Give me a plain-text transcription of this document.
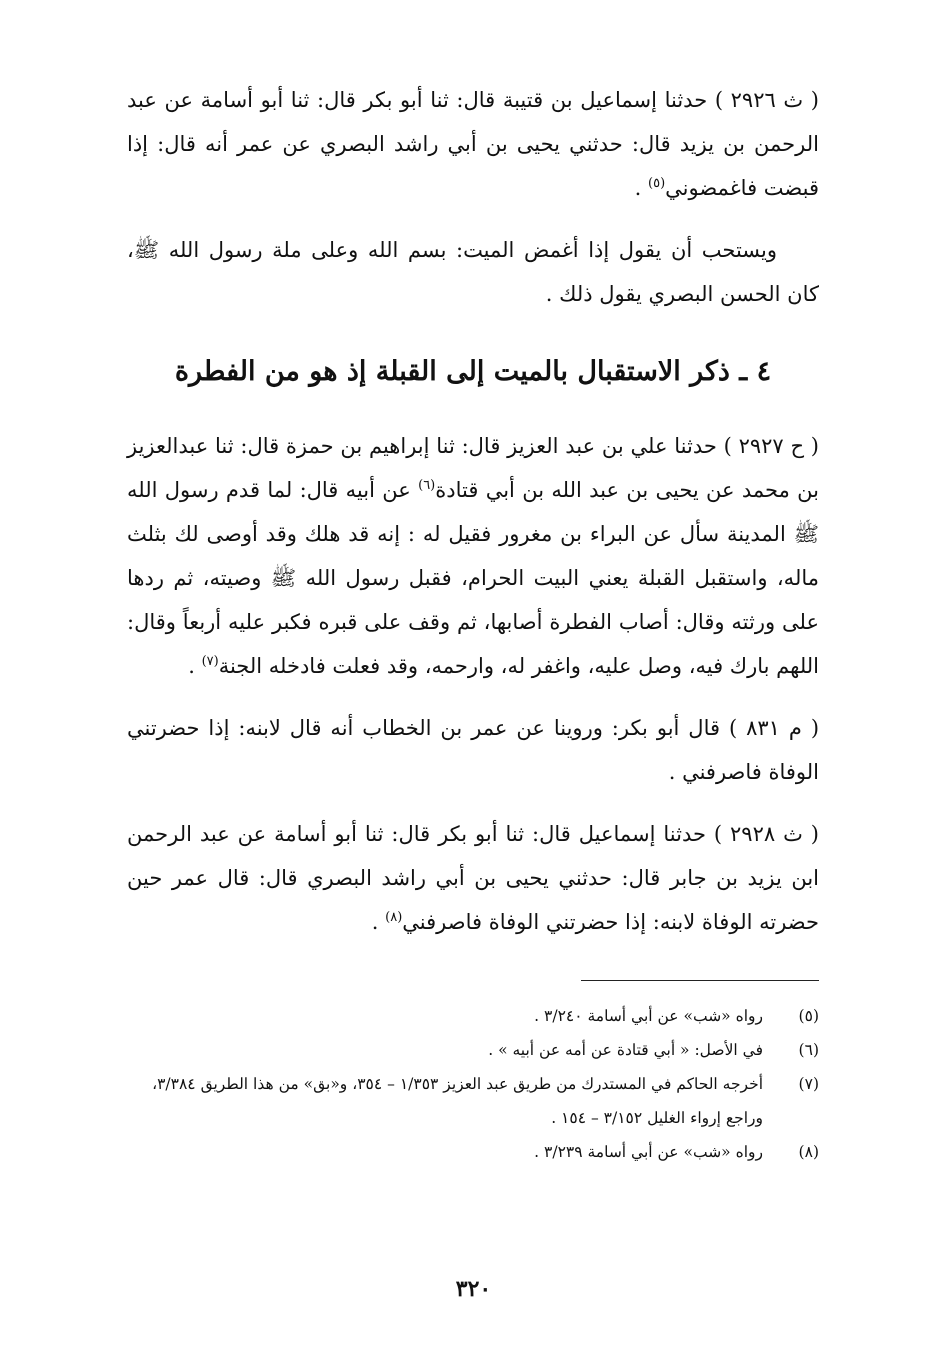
( ث ٢٩٢٦ ) حدثنا إسماعيل بن قتيبة قال: ثنا أبو بكر قال: ثنا أبو أسامة عن عبد الرحمن بن يزيد قال: حدثني يحيى بن أبي راشد البصري عن عمر أنه قال: إذا قبضت فاغمضوني$^{(٥)}$ .

ويستحب أن يقول إذا أغمض الميت: بسم الله وعلى ملة رسول الله ﷺ، كان الحسن البصري يقول ذلك .

٤ ـ ذكر الاستقبال بالميت إلى القبلة إذ هو من الفطرة

( ح ٢٩٢٧ ) حدثنا علي بن عبد العزيز قال: ثنا إبراهيم بن حمزة قال: ثنا عبدالعزيز بن محمد عن يحيى بن عبد الله بن أبي قتادة$^{(٦)}$ عن أبيه قال: لما قدم رسول الله ﷺ المدينة سأل عن البراء بن مغرور فقيل له : إنه قد هلك وقد أوصى لك بثلث ماله، واستقبل القبلة يعني البيت الحرام، فقبل رسول الله ﷺ وصيته، ثم ردها على ورثته وقال: أصاب الفطرة أصابها، ثم وقف على قبره فكبر عليه أربعاً وقال: اللهم بارك فيه، وصل عليه، واغفر له، وارحمه، وقد فعلت فادخله الجنة$^{(٧)}$ .

( م ٨٣١ ) قال أبو بكر: وروينا عن عمر بن الخطاب أنه قال لابنه: إذا حضرتني الوفاة فاصرفني .

( ث ٢٩٢٨ ) حدثنا إسماعيل قال: ثنا أبو بكر قال: ثنا أبو أسامة عن عبد الرحمن ابن يزيد بن جابر قال: حدثني يحيى بن أبي راشد البصري قال: قال عمر حين حضرته الوفاة لابنه: إذا حضرتني الوفاة فاصرفني$^{(٨)}$ .

(٥)
رواه «شب» عن أبي أسامة ٣/٢٤٠ .
(٦)
في الأصل: « أبي قتادة عن أمه عن أبيه » .
(٧)
أخرجه الحاكم في المستدرك من طريق عبد العزيز ١/٣٥٣ – ٣٥٤، و«بق» من هذا الطريق ٣/٣٨٤، وراجع إرواء الغليل ٣/١٥٢ – ١٥٤ .
(٨)
رواه «شب» عن أبي أسامة ٣/٢٣٩ .
٣٢٠
